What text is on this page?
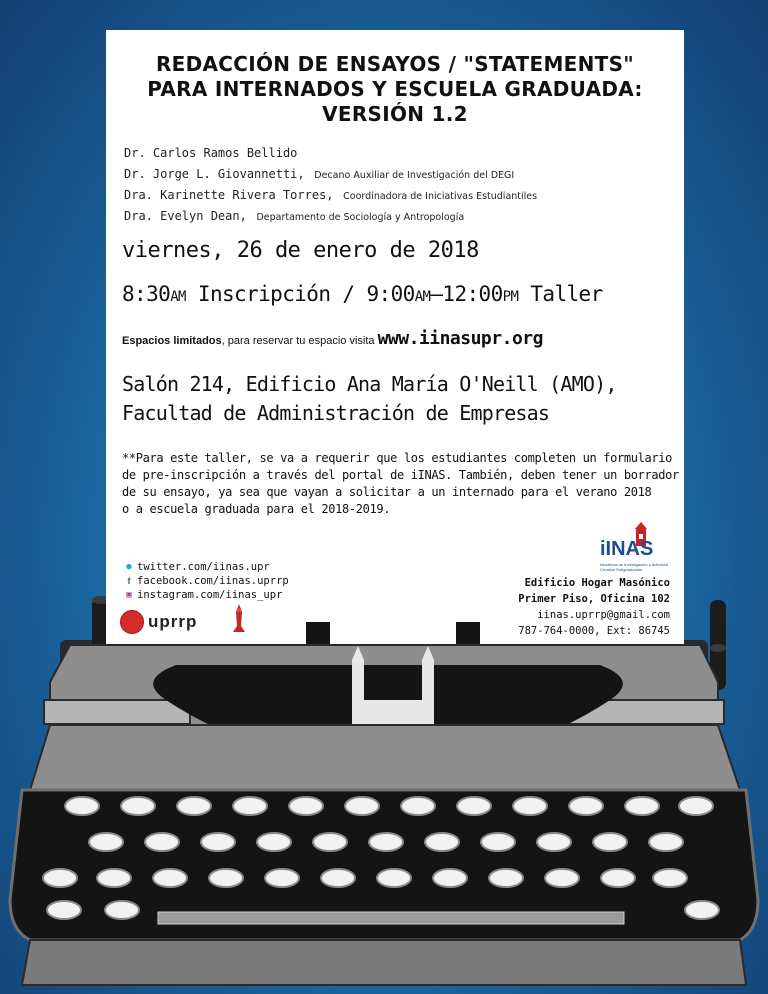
REDACCIÓN DE ENSAYOS / "STATEMENTS"
PARA INTERNADOS Y ESCUELA GRADUADA:
VERSIÓN 1.2
Dr. Carlos Ramos Bellido
Dr. Jorge L. Giovannetti, Decano Auxiliar de Investigación del DEGI
Dra. Karinette Rivera Torres, Coordinadora de Iniciativas Estudiantiles
Dra. Evelyn Dean, Departamento de Sociología y Antropología
viernes, 26 de enero de 2018
8:30AM Inscripción / 9:00AM–12:00PM Taller
Espacios limitados, para reservar tu espacio visita www.iinasupr.org
Salón 214, Edificio Ana María O'Neill (AMO),
Facultad de Administración de Empresas
**Para este taller, se va a requerir que los estudiantes completen un formulario
de pre-inscripción a través del portal de iINAS. También, deben tener un borrador
de su ensayo, ya sea que vayan a solicitar a un internado para el verano 2018
o a escuela graduada para el 2018-2019.
● twitter.com/iinas.upr
f facebook.com/iinas.uprrp
▣ instagram.com/iinas_upr
uprrp
iINAS
Iniciativas de Investigación y Actividad Creativa Subgraduadas
Edificio Hogar Masónico
Primer Piso, Oficina 102
iinas.uprrp@gmail.com
787-764-0000, Ext: 86745
